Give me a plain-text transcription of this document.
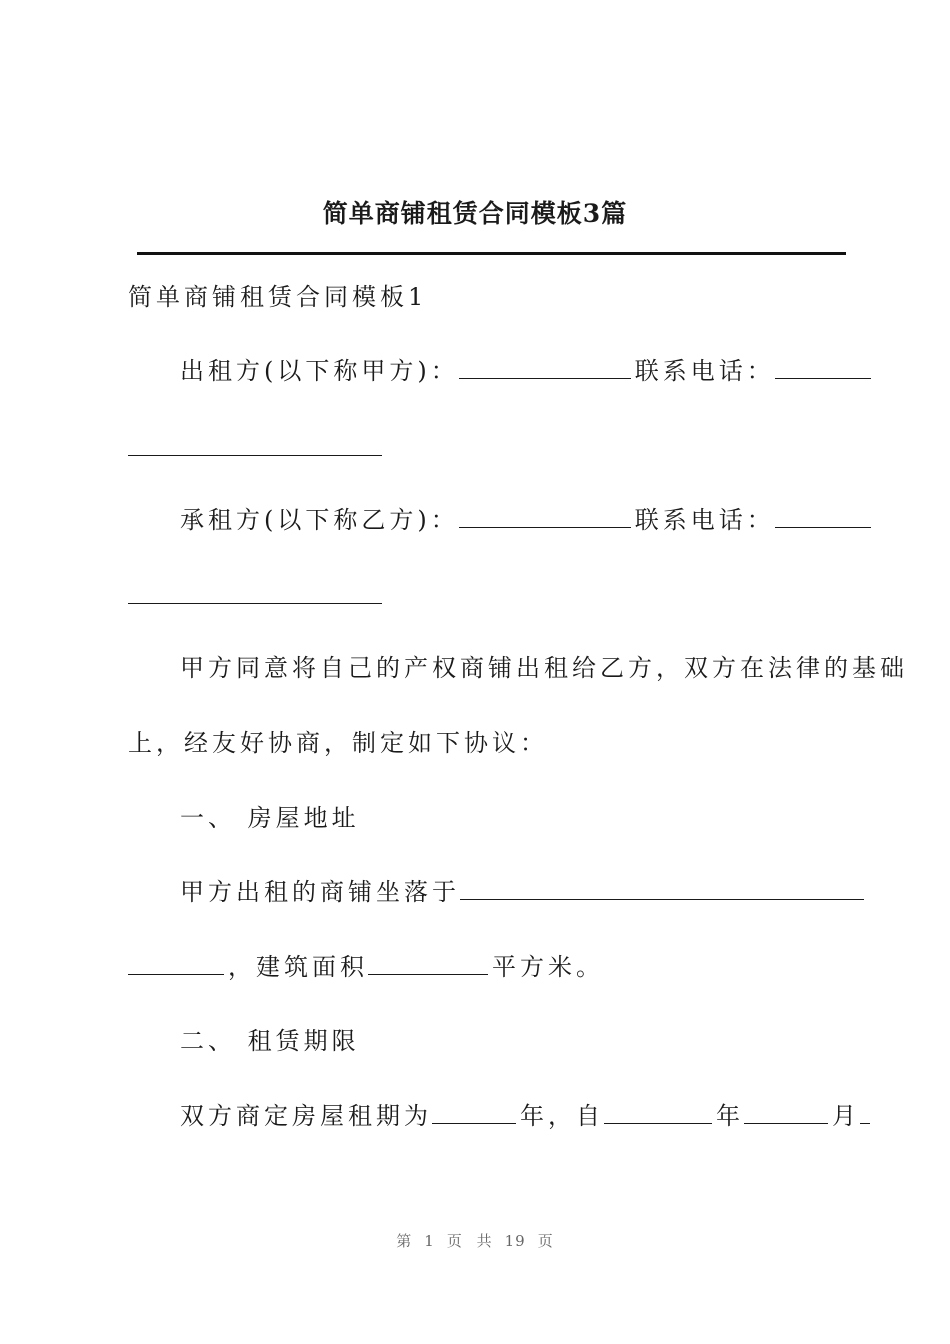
简单商铺租赁合同模板3篇

简单商铺租赁合同模板1

出租方(以下称甲方)：	联系电话：

承租方(以下称乙方)：	联系电话：

甲方同意将自己的产权商铺出租给乙方，双方在法律的基础

上，经友好协商，制定如下协议：

一、 房屋地址

甲方出租的商铺坐落于

，建筑面积	平方米。

二、 租赁期限

双方商定房屋租期为	年，自	年	月

第 1 页 共 19 页
